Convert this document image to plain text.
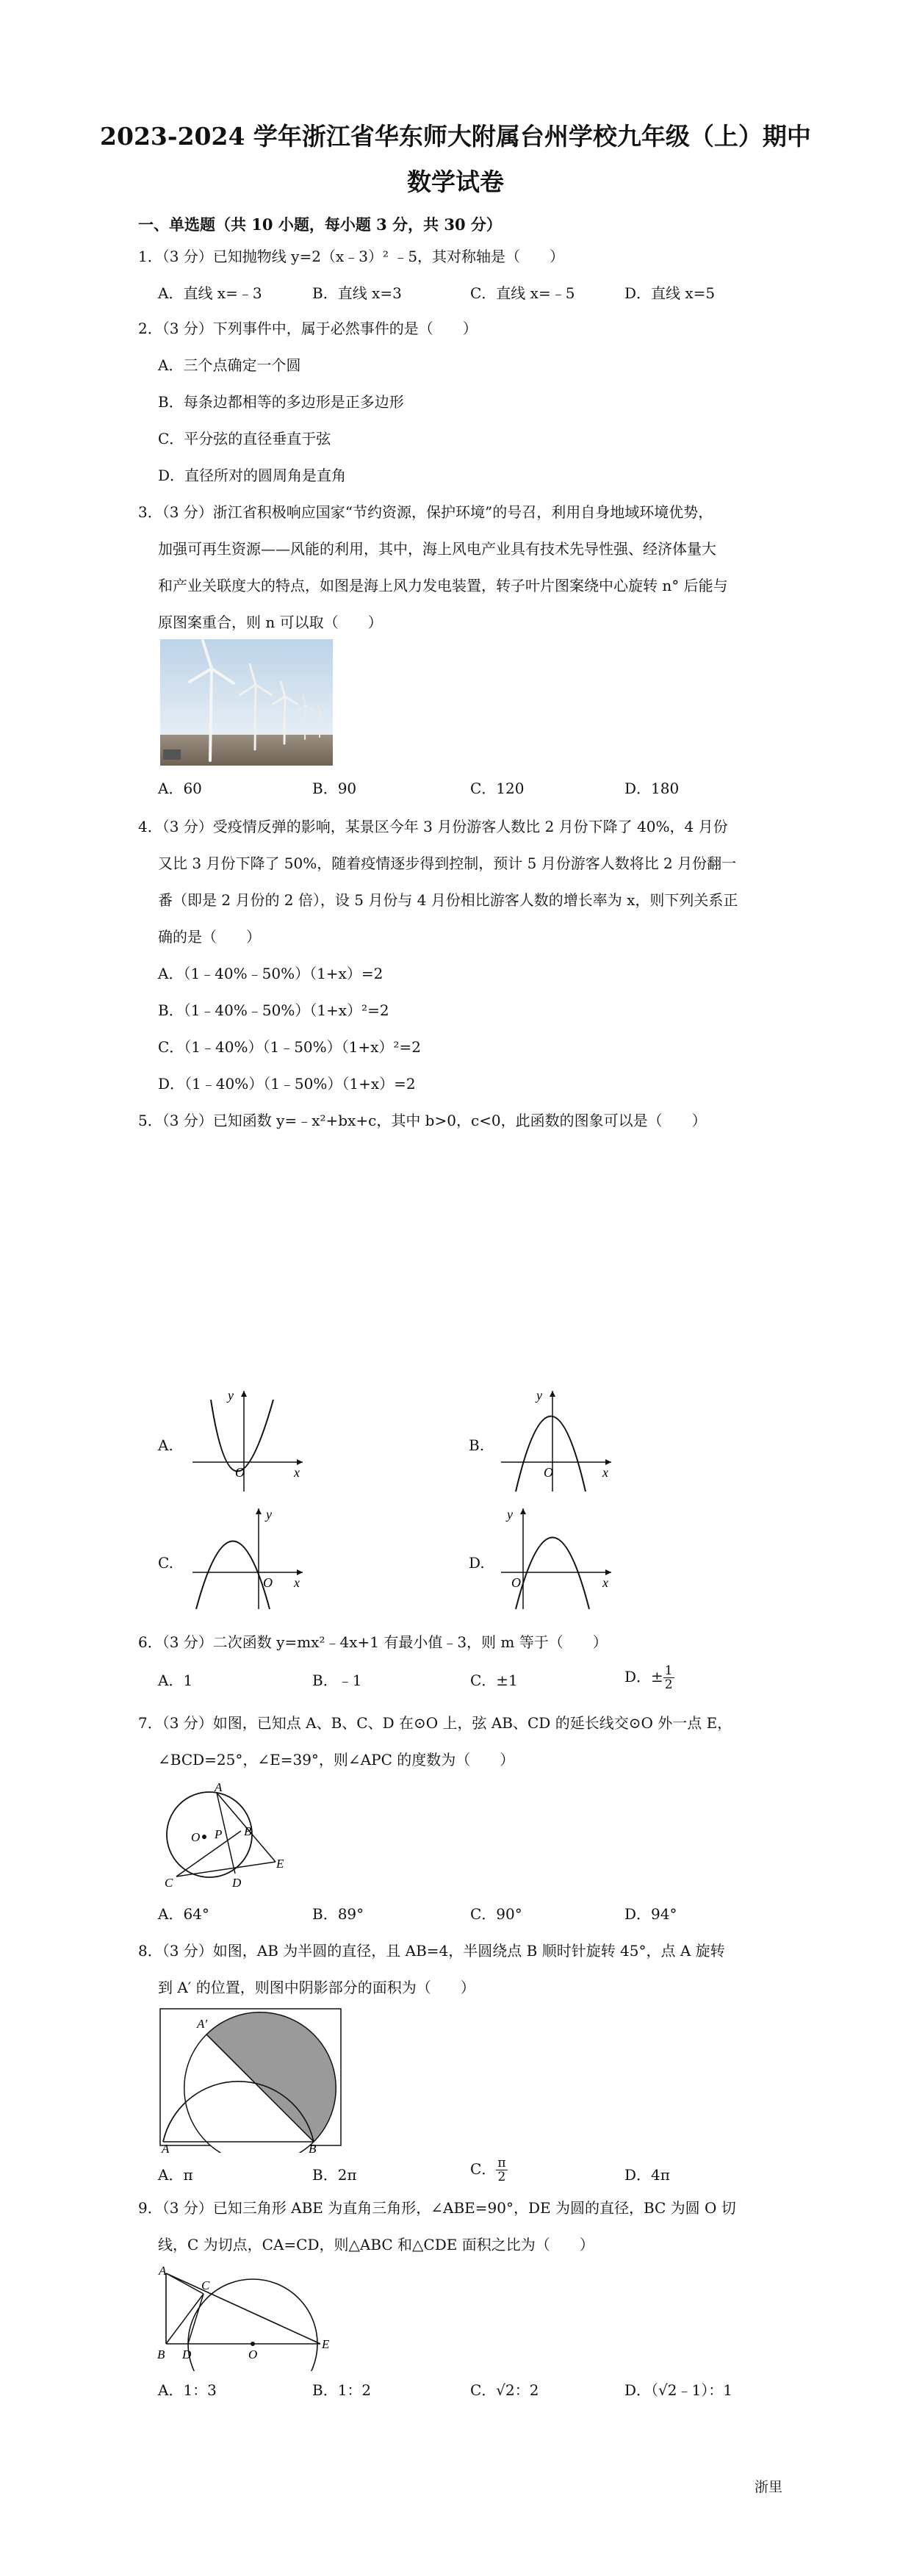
2023-2024 学年浙江省华东师大附属台州学校九年级（上）期中
数学试卷
一、单选题（共 10 小题，每小题 3 分，共 30 分）
1．（3 分）已知抛物线 y=2（x﹣3）² ﹣5，其对称轴是（　　）
A．直线 x=﹣3	B．直线 x=3	C．直线 x=﹣5	D．直线 x=5
2．（3 分）下列事件中，属于必然事件的是（　　）
A．三个点确定一个圆
B．每条边都相等的多边形是正多边形
C．平分弦的直径垂直于弦
D．直径所对的圆周角是直角
3．（3 分）浙江省积极响应国家“节约资源，保护环境”的号召，利用自身地域环境优势，
加强可再生资源——风能的利用，其中，海上风电产业具有技术先导性强、经济体量大
和产业关联度大的特点，如图是海上风力发电装置，转子叶片图案绕中心旋转 n° 后能与
原图案重合，则 n 可以取（　　）
A．60	B．90	C．120	D．180
4．（3 分）受疫情反弹的影响，某景区今年 3 月份游客人数比 2 月份下降了 40%，4 月份
又比 3 月份下降了 50%，随着疫情逐步得到控制，预计 5 月份游客人数将比 2 月份翻一
番（即是 2 月份的 2 倍），设 5 月份与 4 月份相比游客人数的增长率为 x，则下列关系正
确的是（　　）
A．（1﹣40%﹣50%）（1+x）=2
B．（1﹣40%﹣50%）（1+x）²=2
C．（1﹣40%）（1﹣50%）（1+x）²=2
D．（1﹣40%）（1﹣50%）（1+x）=2
5．（3 分）已知函数 y=﹣x²+bx+c，其中 b>0，c<0，此函数的图象可以是（　　）
A.
y
x
O
B.
y
x
O
C.
y
x
O
D.
y
x
O
6．（3 分）二次函数 y=mx²﹣4x+1 有最小值﹣3，则 m 等于（　　）
A．1	B．﹣1	C．±1	D．± $\frac{1}{2}$
7．（3 分）如图，已知点 A、B、C、D 在⊙O 上，弦 AB、CD 的延长线交⊙O 外一点 E，
∠BCD=25°，∠E=39°，则∠APC 的度数为（　　）
A
B
C	D
E
O P
A．64°	B．89°	C．90°	D．94°
8．（3 分）如图，AB 为半圆的直径，且 AB=4，半圆绕点 B 顺时针旋转 45°，点 A 旋转
到 A′ 的位置，则图中阴影部分的面积为（　　）
A′
A	B
A．π	B．2π	C． $\frac{\pi}{2}$	D．4π
9．（3 分）已知三角形 ABE 为直角三角形，∠ABE=90°，DE 为圆的直径，BC 为圆 O 切
线，C 为切点，CA=CD，则△ABC 和△CDE 面积之比为（　　）
A
C
B D	O
E
A．1：3	B．1：2	C．√2：2	D．（√2﹣1）：1
浙里
